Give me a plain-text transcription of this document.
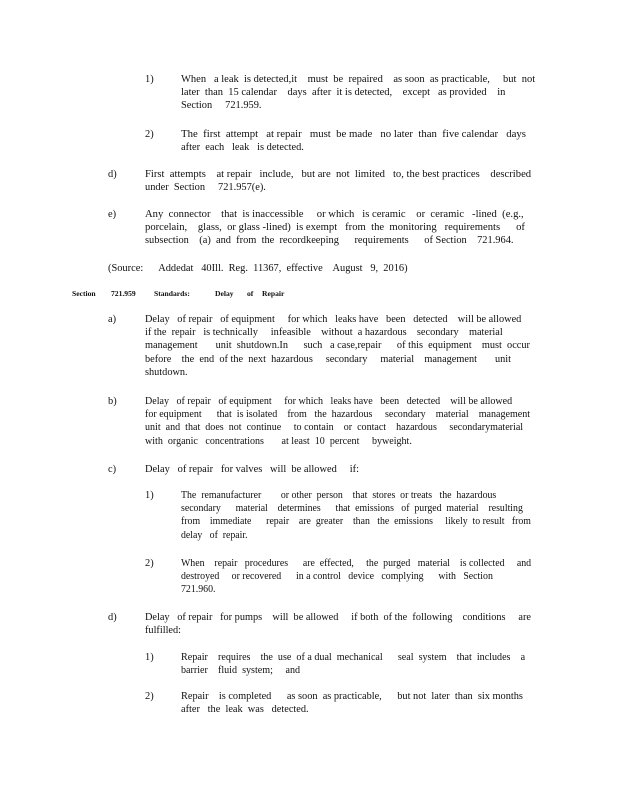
1)	When   a leak  is detected,it    must  be  repaired    as soon  as practicable,     but  not
later  than  15 calendar    days  after  it is detected,    except   as provided    in
Section     721.959.
2)	The  first  attempt   at repair   must  be made   no later  than  five calendar   days
after  each   leak   is detected.
d)	First  attempts    at repair   include,   but are  not  limited   to, the best practices    described
under  Section     721.957(e).
e)	Any  connector    that  is inaccessible     or which   is ceramic    or  ceramic   -lined  (e.g.,
porcelain,    glass,  or glass -lined)  is exempt   from  the  monitoring   requirements      of
subsection    (a)  and  from  the  recordkeeping      requirements      of Section    721.964.
(Source:      Addedat   40Ill.  Reg.  11367,  effective    August   9,  2016)
Section 721.959 Standards:	Delay of Repair
a)	Delay   of repair   of equipment     for which   leaks have   been   detected    will be allowed
if the  repair   is technically     infeasible    without  a hazardous    secondary    material
management       unit  shutdown.In      such   a case,repair      of this  equipment    must  occur
before    the  end  of the  next  hazardous     secondary     material    management       unit
shutdown.
b)	Delay   of repair   of equipment     for which   leaks have   been   detected    will be allowed
for equipment      that  is isolated    from   the  hazardous     secondary    material    management
unit  and  that  does  not  continue     to contain    or  contact    hazardous     secondarymaterial
with  organic   concentrations       at least  10  percent     byweight.
c)	Delay   of repair   for valves   will  be allowed     if:
1)	The  remanufacturer        or other  person    that  stores  or treats   the  hazardous
secondary      material    determines      that  emissions   of  purged  material    resulting
from    immediate      repair    are  greater    than   the  emissions     likely  to result   from
delay   of  repair.
2)	When    repair   procedures      are  effected,     the  purged   material    is collected     and
destroyed     or recovered      in a control   device   complying      with   Section
721.960.
d)	Delay   of repair   for pumps    will  be allowed     if both  of the  following    conditions     are
fulfilled:
1)	Repair    requires    the  use  of a dual  mechanical      seal  system    that  includes    a
barrier    fluid  system;     and
2)	Repair    is completed      as soon  as practicable,      but not  later  than  six months
after   the  leak  was   detected.
